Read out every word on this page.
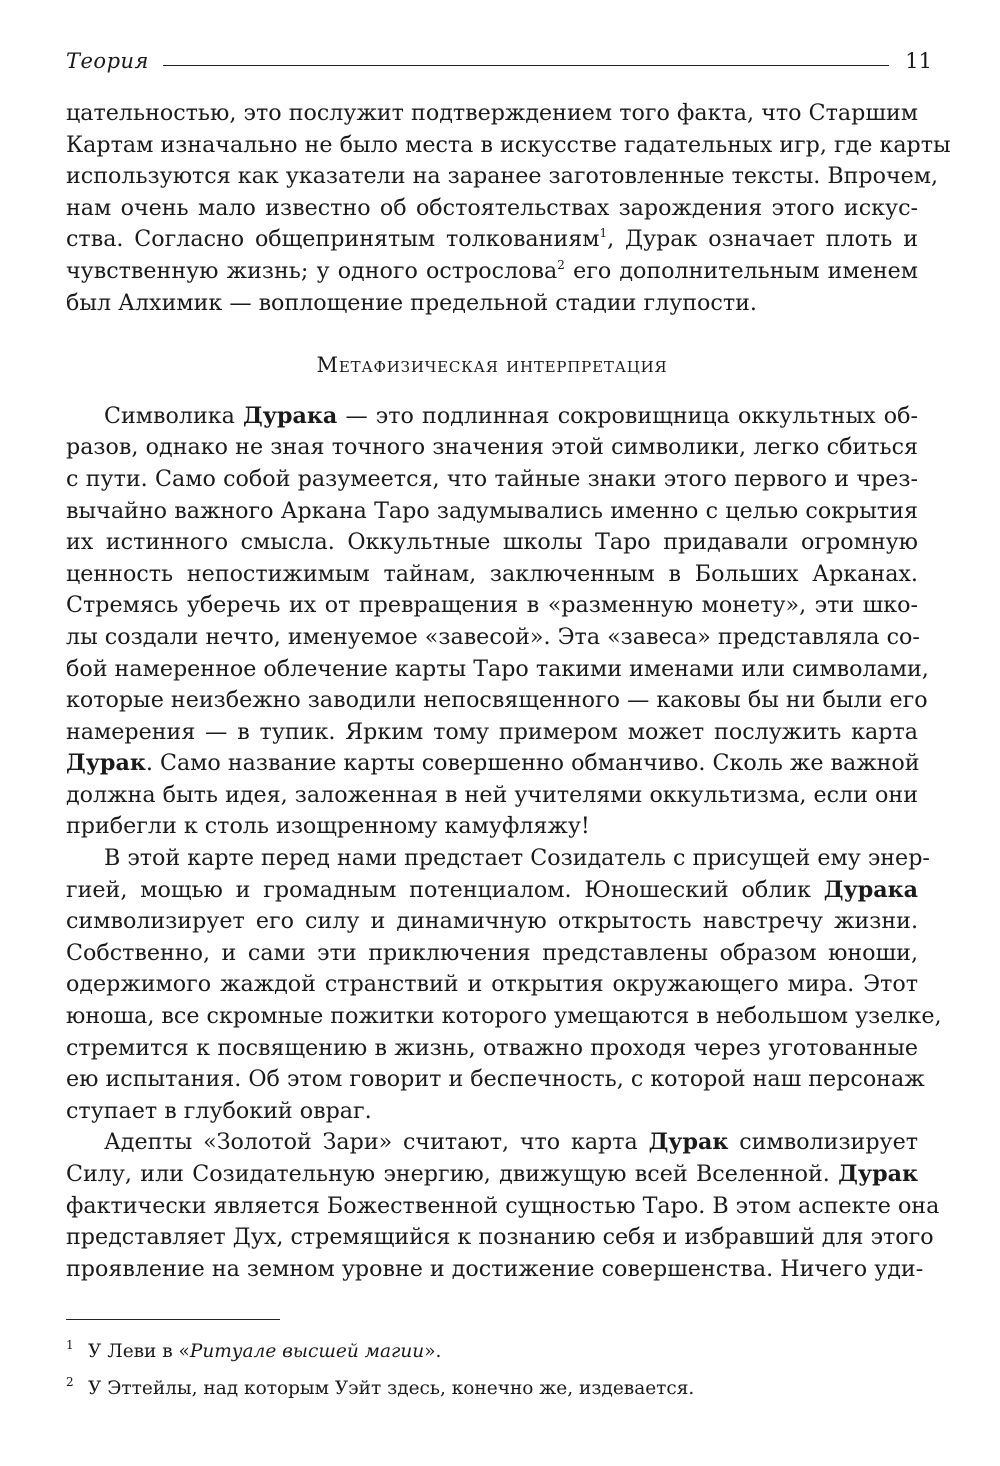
Теория	11
цательностью, это послужит подтверждением того факта, что Старшим
Картам изначально не было места в искусстве гадательных игр, где карты
используются как указатели на заранее заготовленные тексты. Впрочем,
нам очень мало известно об обстоятельствах зарождения этого искус-
ства. Согласно общепринятым толкованиям$^1$, Дурак означает плоть и
чувственную жизнь; у одного острослова$^2$ его дополнительным именем
был Алхимик — воплощение предельной стадии глупости.
Метафизическая интерпретация
Символика Дурака — это подлинная сокровищница оккультных об-
разов, однако не зная точного значения этой символики, легко сбиться
с пути. Само собой разумеется, что тайные знаки этого первого и чрез-
вычайно важного Аркана Таро задумывались именно с целью сокрытия
их истинного смысла. Оккультные школы Таро придавали огромную
ценность непостижимым тайнам, заключенным в Больших Арканах.
Стремясь уберечь их от превращения в «разменную монету», эти шко-
лы создали нечто, именуемое «завесой». Эта «завеса» представляла со-
бой намеренное облечение карты Таро такими именами или символами,
которые неизбежно заводили непосвященного — каковы бы ни были его
намерения — в тупик. Ярким тому примером может послужить карта
Дурак. Само название карты совершенно обманчиво. Сколь же важной
должна быть идея, заложенная в ней учителями оккультизма, если они
прибегли к столь изощренному камуфляжу!
В этой карте перед нами предстает Созидатель с присущей ему энер-
гией, мощью и громадным потенциалом. Юношеский облик Дурака
символизирует его силу и динамичную открытость навстречу жизни.
Собственно, и сами эти приключения представлены образом юноши,
одержимого жаждой странствий и открытия окружающего мира. Этот
юноша, все скромные пожитки которого умещаются в небольшом узелке,
стремится к посвящению в жизнь, отважно проходя через уготованные
ею испытания. Об этом говорит и беспечность, с которой наш персонаж
ступает в глубокий овраг.
Адепты «Золотой Зари» считают, что карта Дурак символизирует
Силу, или Созидательную энергию, движущую всей Вселенной. Дурак
фактически является Божественной сущностью Таро. В этом аспекте она
представляет Дух, стремящийся к познанию себя и избравший для этого
проявление на земном уровне и достижение совершенства. Ничего уди-
1 У Леви в «Ритуале высшей магии».
2 У Эттейлы, над которым Уэйт здесь, конечно же, издевается.
